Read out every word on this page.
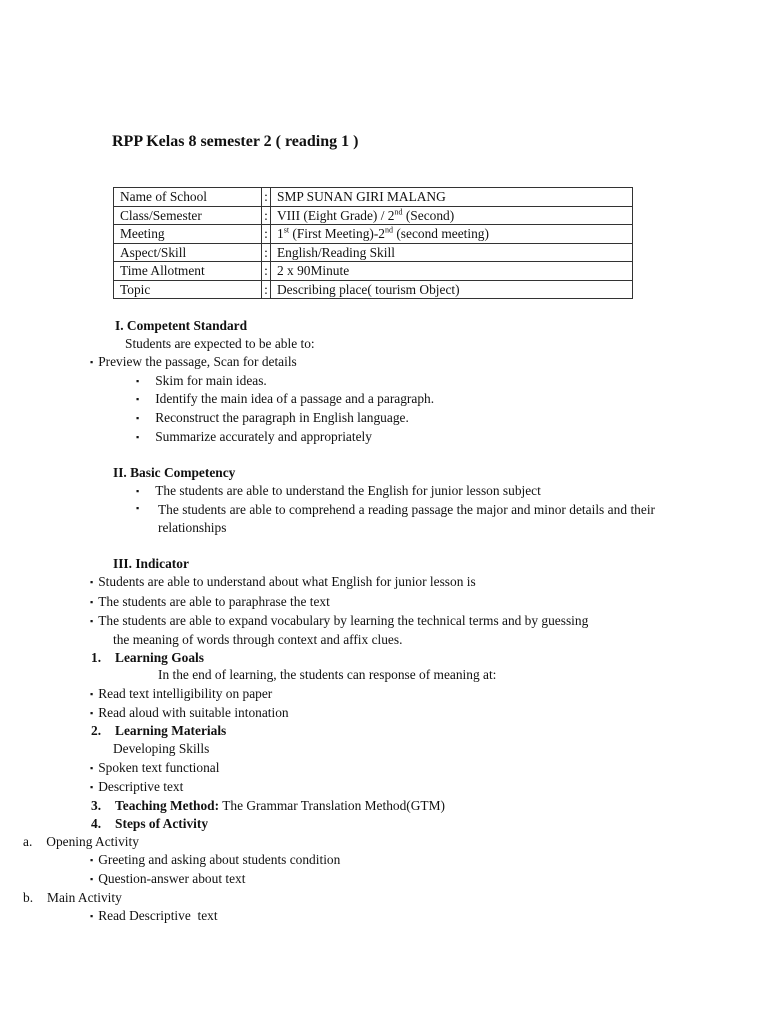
RPP Kelas 8 semester 2 ( reading 1 )
Name of School	:	SMP SUNAN GIRI MALANG
Class/Semester	:	VIII (Eight Grade) / 2nd (Second)
Meeting	:	1st (First Meeting)-2nd (second meeting)
Aspect/Skill	:	English/Reading Skill
Time Allotment	:	2 x 90Minute
Topic	:	Describing place( tourism Object)
I. Competent Standard
Students are expected to be able to:
▪ Preview the passage, Scan for details
▪ Skim for main ideas.
▪ Identify the main idea of a passage and a paragraph.
▪ Reconstruct the paragraph in English language.
▪ Summarize accurately and appropriately
II. Basic Competency
▪ The students are able to understand the English for junior lesson subject
▪ The students are able to comprehend a reading passage the major and minor details and their relationships
III. Indicator
▪ Students are able to understand about what English for junior lesson is
▪ The students are able to paraphrase the text
▪ The students are able to expand vocabulary by learning the technical terms and by guessing
the meaning of words through context and affix clues.
1. Learning Goals
In the end of learning, the students can response of meaning at:
▪ Read text intelligibility on paper
▪ Read aloud with suitable intonation
2. Learning Materials
Developing Skills
▪ Spoken text functional
▪ Descriptive text
3. Teaching Method: The Grammar Translation Method(GTM)
4. Steps of Activity
a. Opening Activity
▪ Greeting and asking about students condition
▪ Question-answer about text
b. Main Activity
▪ Read Descriptive  text
